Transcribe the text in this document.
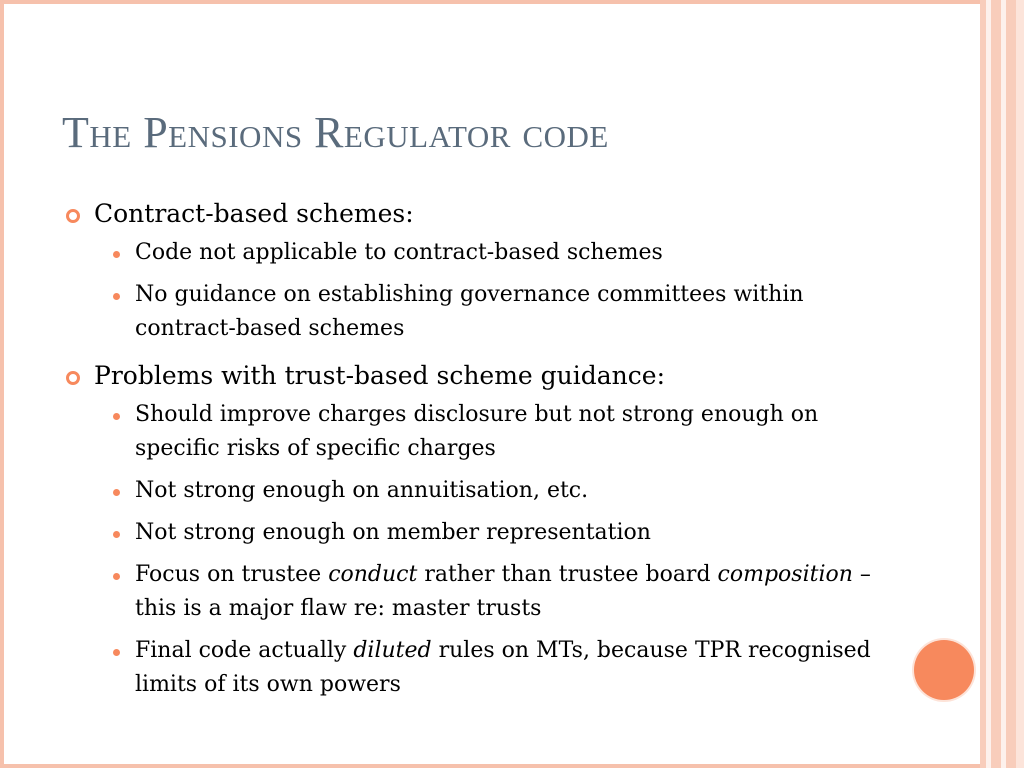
The Pensions Regulator code
Contract-based schemes:
Code not applicable to contract-based schemes
No guidance on establishing governance committees within contract-based schemes
Problems with trust-based scheme guidance:
Should improve charges disclosure but not strong enough on specific risks of specific charges
Not strong enough on annuitisation, etc.
Not strong enough on member representation
Focus on trustee conduct rather than trustee board composition – this is a major flaw re: master trusts
Final code actually diluted rules on MTs, because TPR recognised limits of its own powers
